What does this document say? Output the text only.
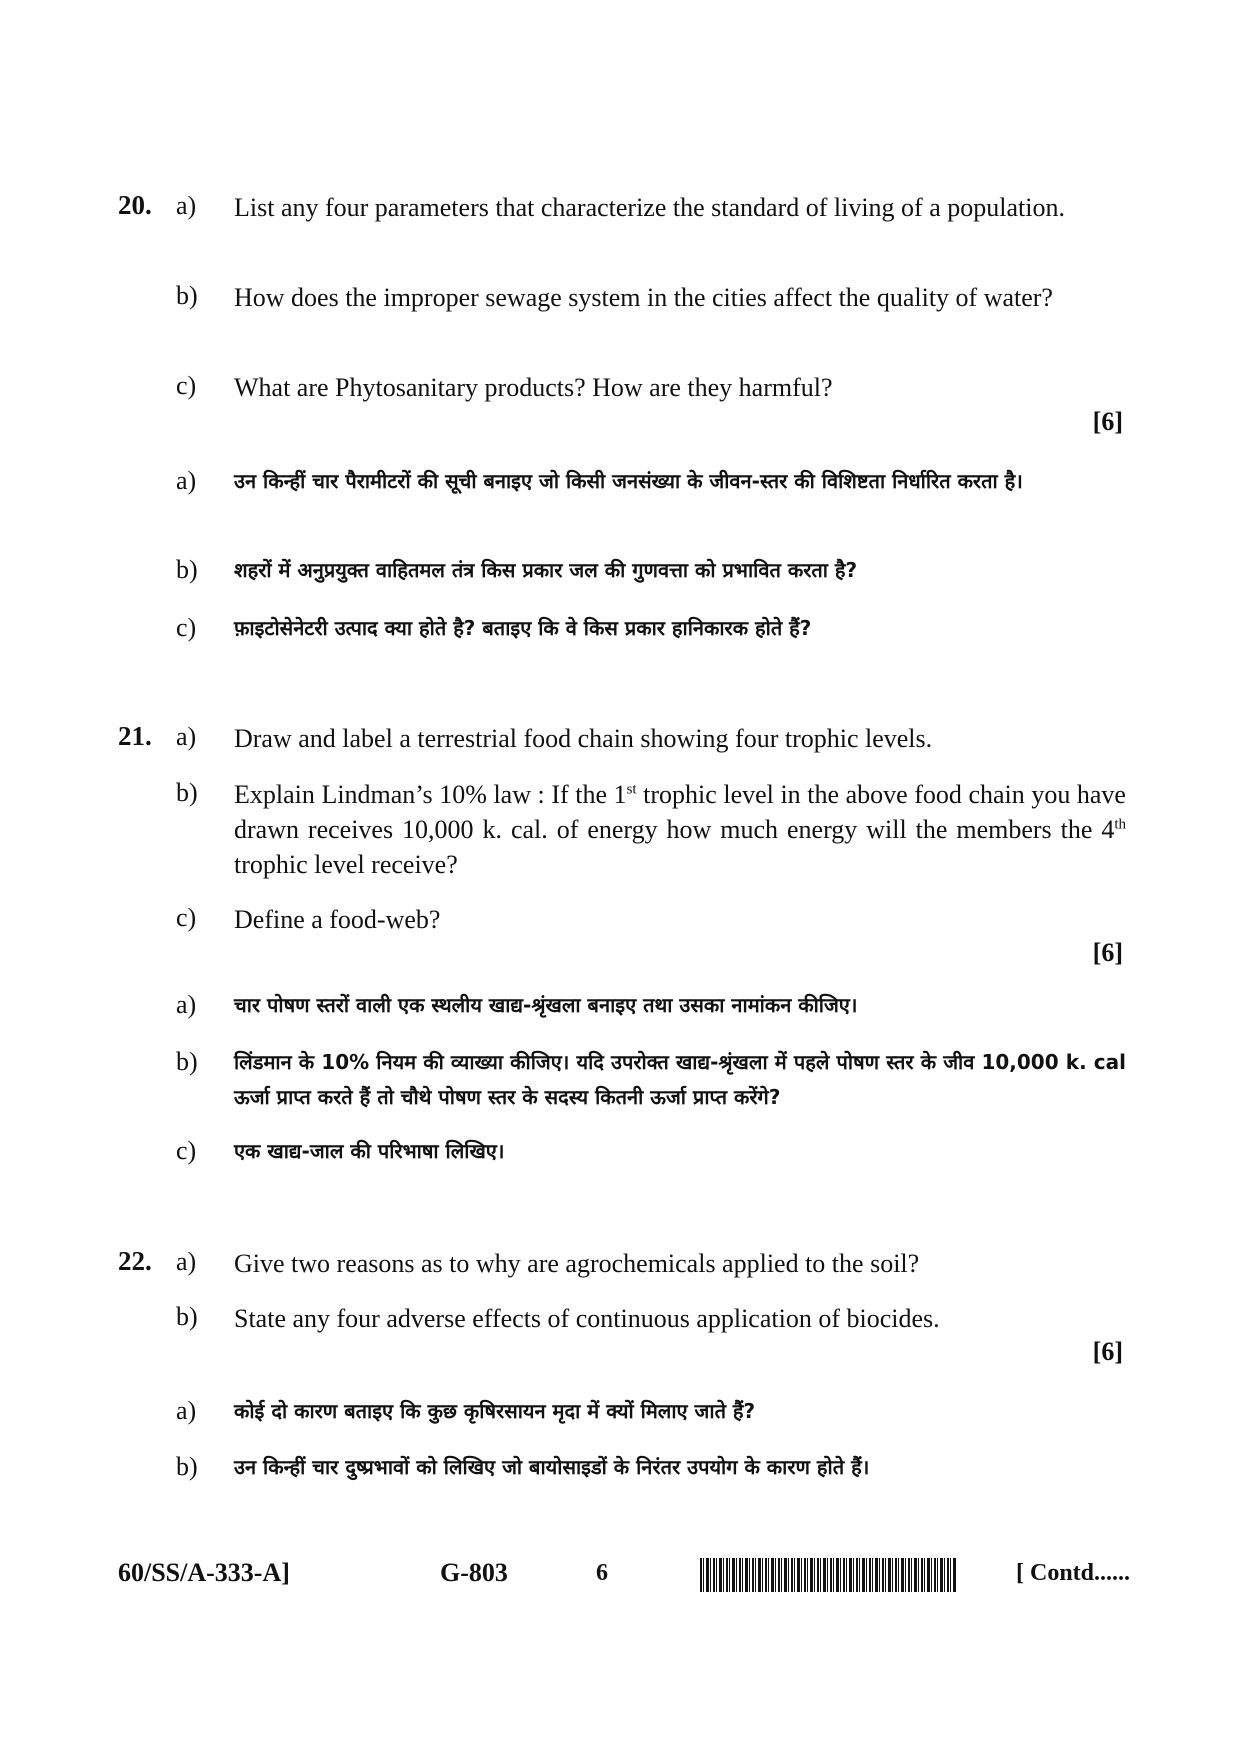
20. a) List any four parameters that characterize the standard of living of a population.
b) How does the improper sewage system in the cities affect the quality of water?
c) What are Phytosanitary products? How are they harmful?
[6]
a) उन किन्हीं चार पैरामीटरों की सूची बनाइए जो किसी जनसंख्या के जीवन-स्तर की विशिष्टता निर्धारित करता है।
b) शहरों में अनुप्रयुक्त वाहितमल तंत्र किस प्रकार जल की गुणवत्ता को प्रभावित करता है?
c) फ़ाइटोसेनेटरी उत्पाद क्या होते है? बताइए कि वे किस प्रकार हानिकारक होते हैं?
21. a) Draw and label a terrestrial food chain showing four trophic levels.
b) Explain Lindman’s 10% law : If the 1st trophic level in the above food chain you have drawn receives 10,000 k. cal. of energy how much energy will the members the 4th trophic level receive?
c) Define a food-web?
[6]
a) चार पोषण स्तरों वाली एक स्थलीय खाद्य-श्रृंखला बनाइए तथा उसका नामांकन कीजिए।
b) लिंडमान के 10% नियम की व्याख्या कीजिए। यदि उपरोक्त खाद्य-श्रृंखला में पहले पोषण स्तर के जीव 10,000 k. cal ऊर्जा प्राप्त करते हैं तो चौथे पोषण स्तर के सदस्य कितनी ऊर्जा प्राप्त करेंगे?
c) एक खाद्य-जाल की परिभाषा लिखिए।
22. a) Give two reasons as to why are agrochemicals applied to the soil?
b) State any four adverse effects of continuous application of biocides.
[6]
a) कोई दो कारण बताइए कि कुछ कृषिरसायन मृदा में क्यों मिलाए जाते हैं?
b) उन किन्हीं चार दुष्प्रभावों को लिखिए जो बायोसाइडों के निरंतर उपयोग के कारण होते हैं।
60/SS/A-333-A]	G-803	6	[ Contd......
